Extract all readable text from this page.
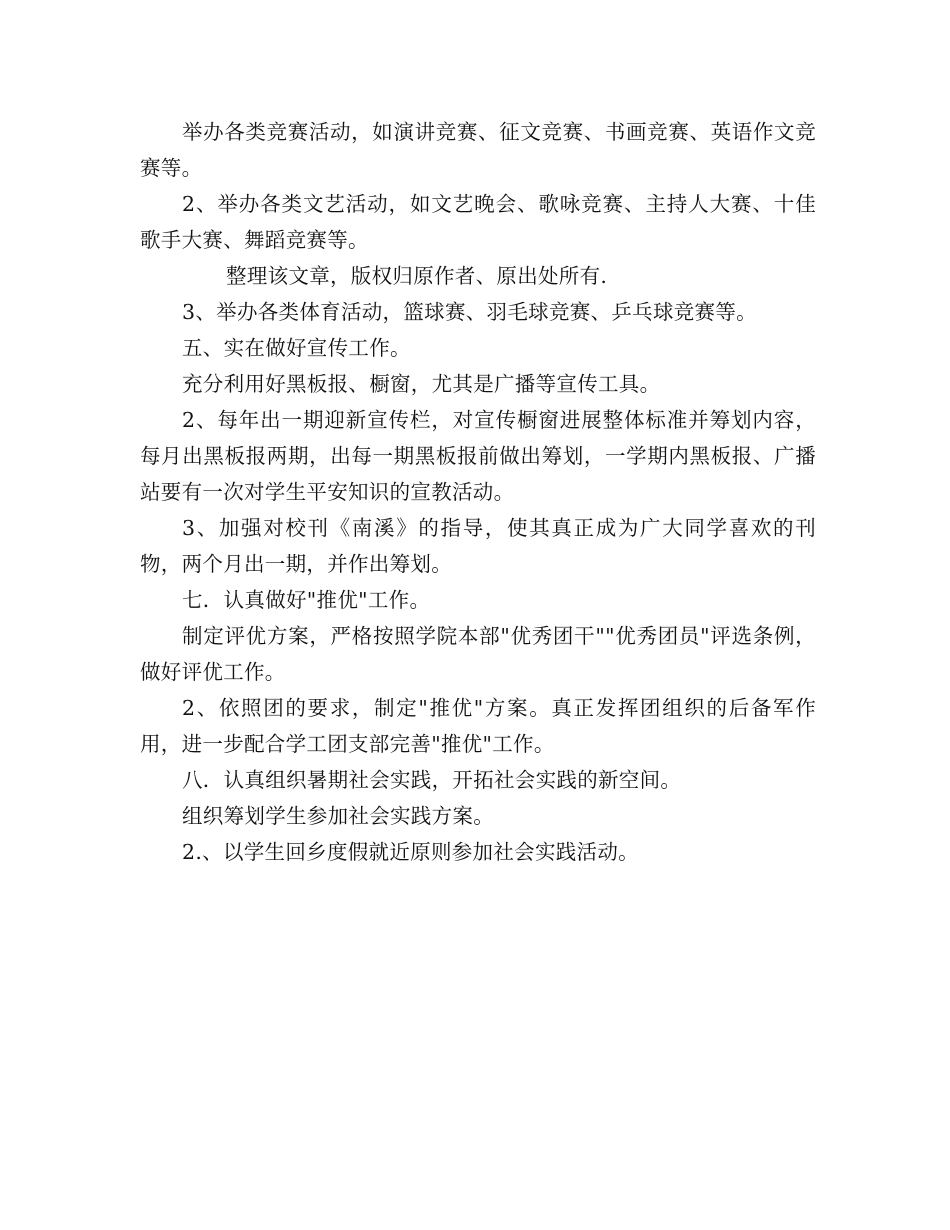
举办各类竞赛活动，如演讲竞赛、征文竞赛、书画竞赛、英语作文竞赛等。

2、举办各类文艺活动，如文艺晚会、歌咏竞赛、主持人大赛、十佳歌手大赛、舞蹈竞赛等。

整理该文章，版权归原作者、原出处所有.

3、举办各类体育活动，篮球赛、羽毛球竞赛、乒乓球竞赛等。

五、实在做好宣传工作。

充分利用好黑板报、橱窗，尤其是广播等宣传工具。

2、每年出一期迎新宣传栏，对宣传橱窗进展整体标准并筹划内容，每月出黑板报两期，出每一期黑板报前做出筹划，一学期内黑板报、广播站要有一次对学生平安知识的宣教活动。

3、加强对校刊《南溪》的指导，使其真正成为广大同学喜欢的刊物，两个月出一期，并作出筹划。

七．认真做好"推优"工作。

制定评优方案，严格按照学院本部"优秀团干""优秀团员"评选条例，做好评优工作。

2、依照团的要求，制定"推优"方案。真正发挥团组织的后备军作用，进一步配合学工团支部完善"推优"工作。

八．认真组织暑期社会实践，开拓社会实践的新空间。

组织筹划学生参加社会实践方案。

2.、以学生回乡度假就近原则参加社会实践活动。
